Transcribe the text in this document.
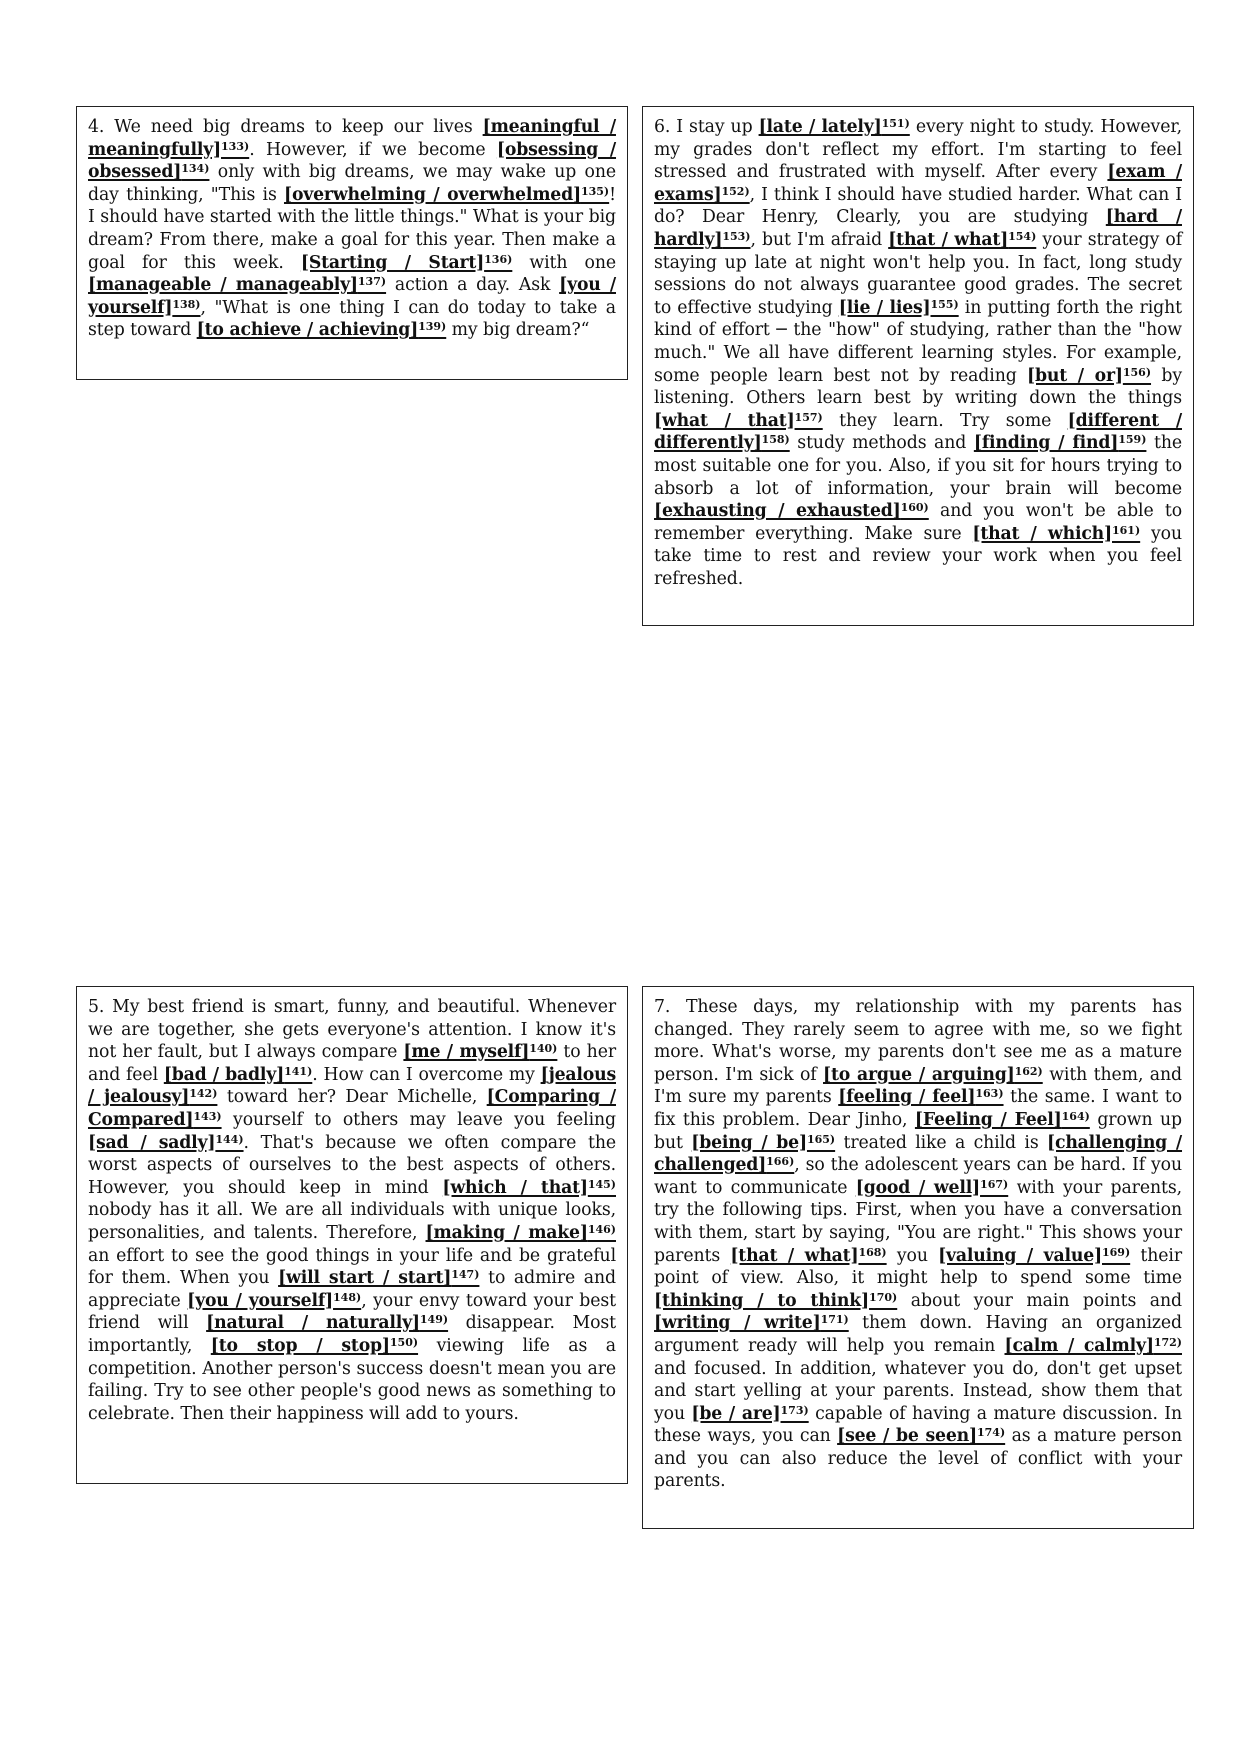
4. We need big dreams to keep our lives [meaningful / meaningfully]$^{133)}$. However, if we become [obsessing / obsessed]$^{134)}$ only with big dreams, we may wake up one day thinking, "This is [overwhelming / overwhelmed]$^{135)}$! I should have started with the little things." What is your big dream? From there, make a goal for this year. Then make a goal for this week. [Starting / Start]$^{136)}$ with one [manageable / manageably]$^{137)}$ action a day. Ask [you / yourself]$^{138)}$, "What is one thing I can do today to take a step toward [to achieve / achieving]$^{139)}$ my big dream?“

6. I stay up [late / lately]$^{151)}$ every night to study. However, my grades don't reflect my effort. I'm starting to feel stressed and frustrated with myself. After every [exam / exams]$^{152)}$, I think I should have studied harder. What can I do? Dear Henry, Clearly, you are studying [hard / hardly]$^{153)}$, but I'm afraid [that / what]$^{154)}$ your strategy of staying up late at night won't help you. In fact, long study sessions do not always guarantee good grades. The secret to effective studying [lie / lies]$^{155)}$ in putting forth the right kind of effort ─ the "how" of studying, rather than the "how much." We all have different learning styles. For example, some people learn best not by reading [but / or]$^{156)}$ by listening. Others learn best by writing down the things [what / that]$^{157)}$ they learn. Try some [different / differently]$^{158)}$ study methods and [finding / find]$^{159)}$ the most suitable one for you. Also, if you sit for hours trying to absorb a lot of information, your brain will become [exhausting / exhausted]$^{160)}$ and you won't be able to remember everything. Make sure [that / which]$^{161)}$ you take time to rest and review your work when you feel refreshed.

5. My best friend is smart, funny, and beautiful. Whenever we are together, she gets everyone's attention. I know it's not her fault, but I always compare [me / myself]$^{140)}$ to her and feel [bad / badly]$^{141)}$. How can I overcome my [jealous / jealousy]$^{142)}$ toward her? Dear Michelle, [Comparing / Compared]$^{143)}$ yourself to others may leave you feeling [sad / sadly]$^{144)}$. That's because we often compare the worst aspects of ourselves to the best aspects of others. However, you should keep in mind [which / that]$^{145)}$ nobody has it all. We are all individuals with unique looks, personalities, and talents. Therefore, [making / make]$^{146)}$ an effort to see the good things in your life and be grateful for them. When you [will start / start]$^{147)}$ to admire and appreciate [you / yourself]$^{148)}$, your envy toward your best friend will [natural / naturally]$^{149)}$ disappear. Most importantly, [to stop / stop]$^{150)}$ viewing life as a competition. Another person's success doesn't mean you are failing. Try to see other people's good news as something to celebrate. Then their happiness will add to yours.

7. These days, my relationship with my parents has changed. They rarely seem to agree with me, so we fight more. What's worse, my parents don't see me as a mature person. I'm sick of [to argue / arguing]$^{162)}$ with them, and I'm sure my parents [feeling / feel]$^{163)}$ the same. I want to fix this problem. Dear Jinho, [Feeling / Feel]$^{164)}$ grown up but [being / be]$^{165)}$ treated like a child is [challenging / challenged]$^{166)}$, so the adolescent years can be hard. If you want to communicate [good / well]$^{167)}$ with your parents, try the following tips. First, when you have a conversation with them, start by saying, "You are right." This shows your parents [that / what]$^{168)}$ you [valuing / value]$^{169)}$ their point of view. Also, it might help to spend some time [thinking / to think]$^{170)}$ about your main points and [writing / write]$^{171)}$ them down. Having an organized argument ready will help you remain [calm / calmly]$^{172)}$ and focused. In addition, whatever you do, don't get upset and start yelling at your parents. Instead, show them that you [be / are]$^{173)}$ capable of having a mature discussion. In these ways, you can [see / be seen]$^{174)}$ as a mature person and you can also reduce the level of conflict with your parents.
